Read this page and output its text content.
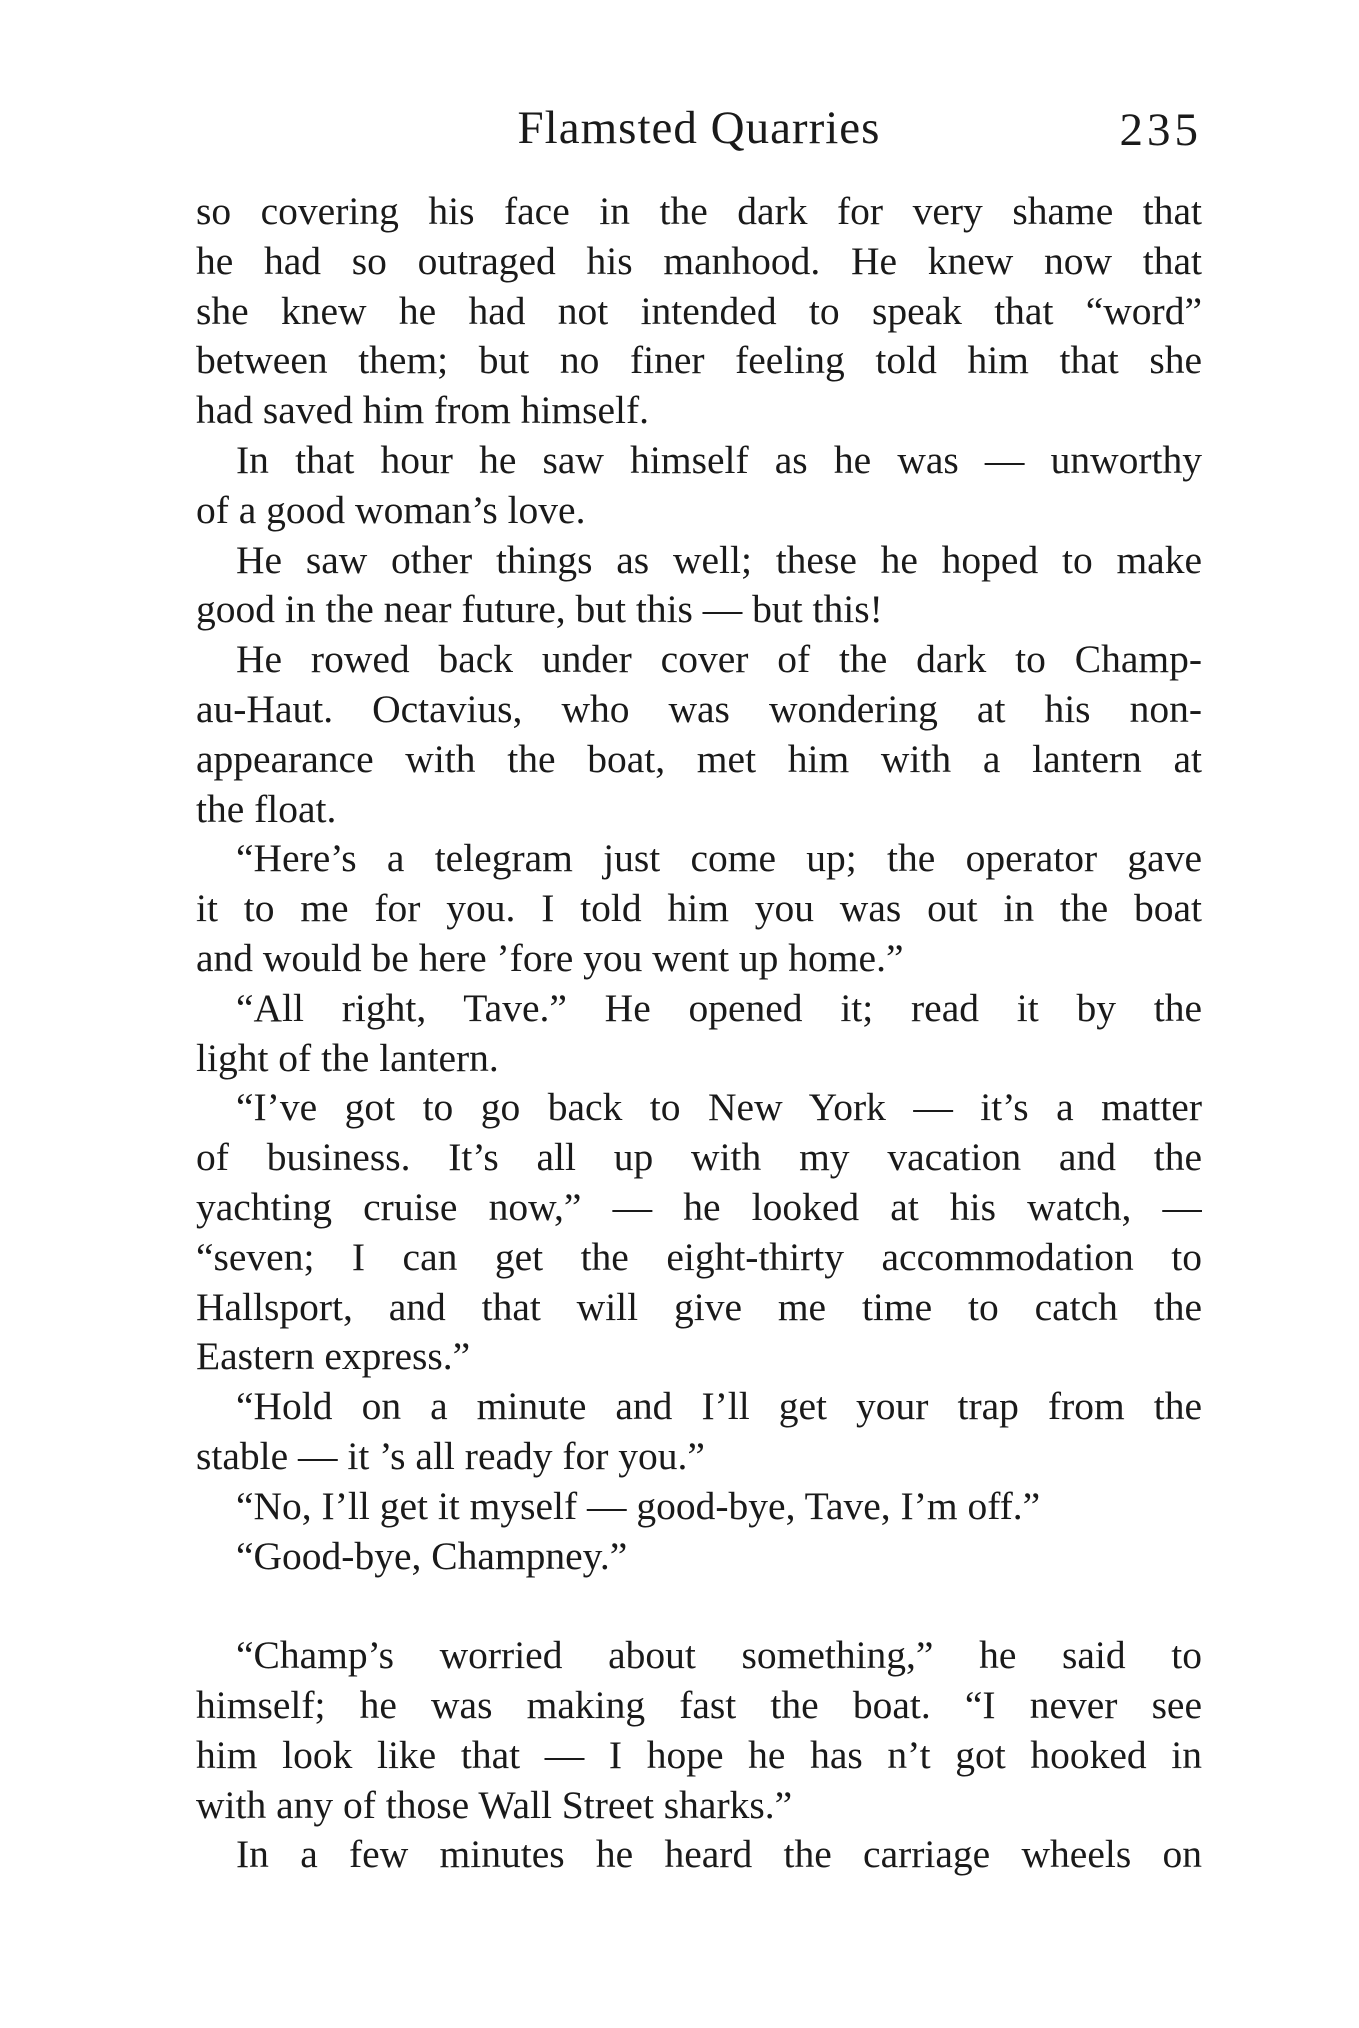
Flamsted Quarries	235
so covering his face in the dark for very shame that
he had so outraged his manhood. He knew now that
she knew he had not intended to speak that “word”
between them; but no finer feeling told him that she
had saved him from himself.
In that hour he saw himself as he was — unworthy
of a good woman’s love.
He saw other things as well; these he hoped to make
good in the near future, but this — but this!
He rowed back under cover of the dark to Champ-
au-Haut. Octavius, who was wondering at his non-
appearance with the boat, met him with a lantern at
the float.
“Here’s a telegram just come up; the operator gave
it to me for you. I told him you was out in the boat
and would be here ’fore you went up home.”
“All right, Tave.” He opened it; read it by the
light of the lantern.
“I’ve got to go back to New York — it’s a matter
of business. It’s all up with my vacation and the
yachting cruise now,” — he looked at his watch, —
“seven; I can get the eight-thirty accommodation to
Hallsport, and that will give me time to catch the
Eastern express.”
“Hold on a minute and I’ll get your trap from the
stable — it ’s all ready for you.”
“No, I’ll get it myself — good-bye, Tave, I’m off.”
“Good-bye, Champney.”
“Champ’s worried about something,” he said to
himself; he was making fast the boat. “I never see
him look like that — I hope he has n’t got hooked in
with any of those Wall Street sharks.”
In a few minutes he heard the carriage wheels on
